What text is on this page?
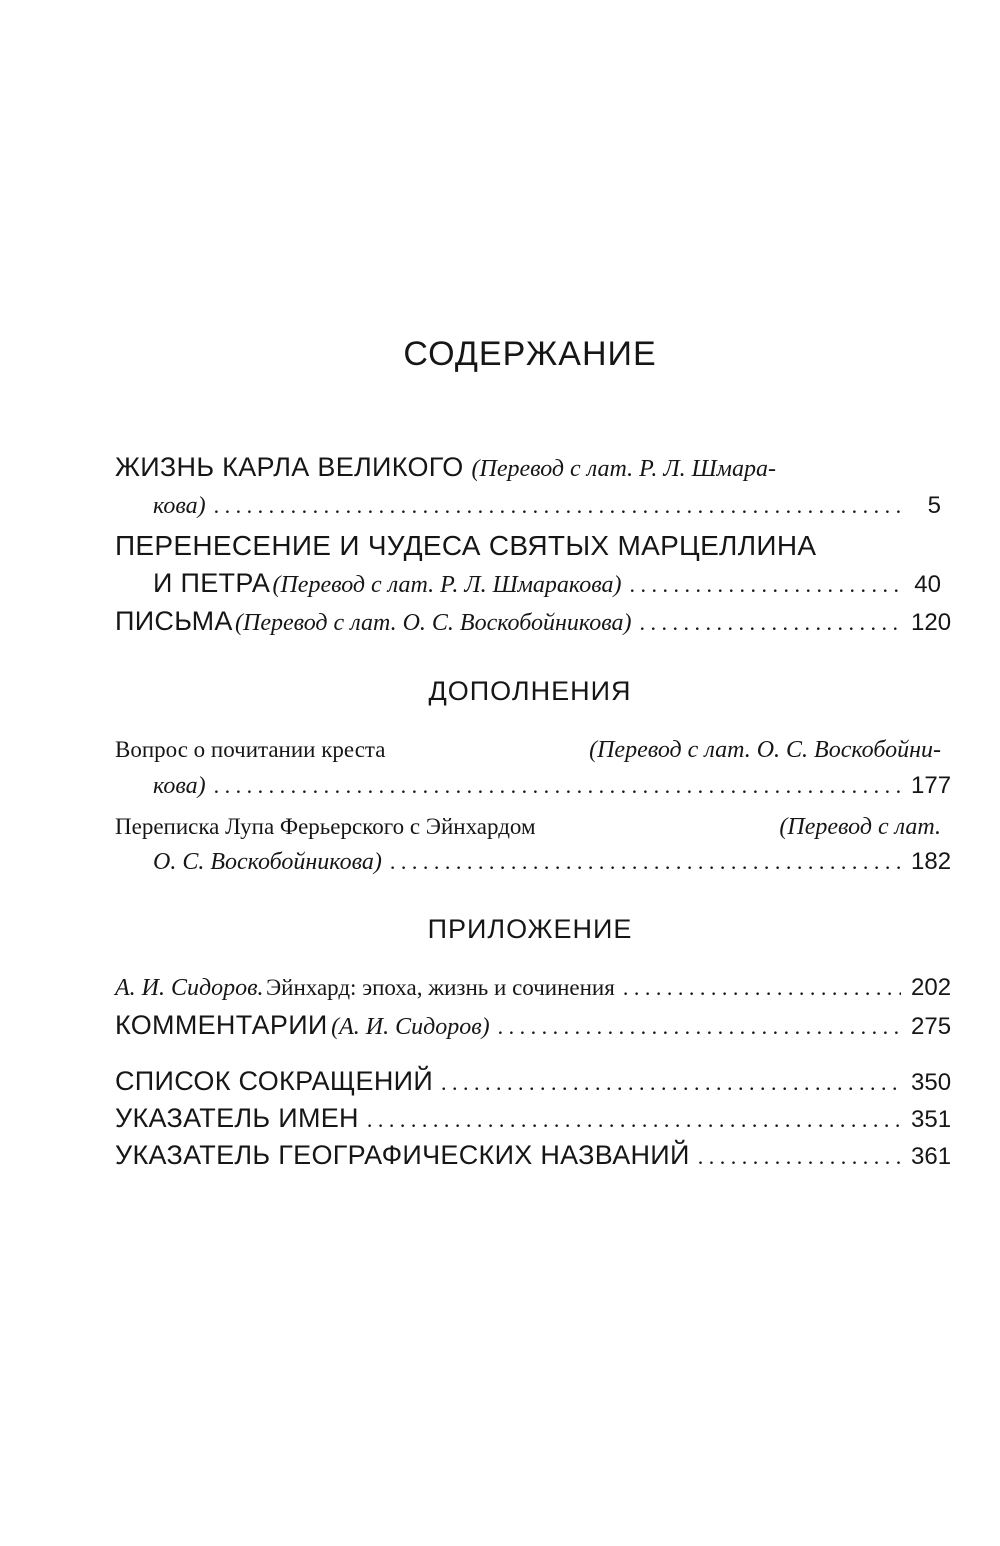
СОДЕРЖАНИЕ
ЖИЗНЬ КАРЛА ВЕЛИКОГО (Перевод с лат. Р. Л. Шмара-
кова) . . .	5
ПЕРЕНЕСЕНИЕ И ЧУДЕСА СВЯТЫХ МАРЦЕЛЛИНА
И ПЕТРА (Перевод с лат. Р. Л. Шмаракова) . . .	40
ПИСЬМА (Перевод с лат. О. С. Воскобойникова) . . .	120
ДОПОЛНЕНИЯ
Вопрос о почитании креста	(Перевод с лат. О. С. Воскобойни-
кова) . . .	177
Переписка Лупа Ферьерского с Эйнхардом	(Перевод с лат.
О. С. Воскобойникова) . . .	182
ПРИЛОЖЕНИЕ
А. И. Сидоров. Эйнхард: эпоха, жизнь и сочинения . . .	202
КОММЕНТАРИИ (А. И. Сидоров) . . .	275
СПИСОК СОКРАЩЕНИЙ . . .	350
УКАЗАТЕЛЬ ИМЕН . . .	351
УКАЗАТЕЛЬ ГЕОГРАФИЧЕСКИХ НАЗВАНИЙ . . .	361
